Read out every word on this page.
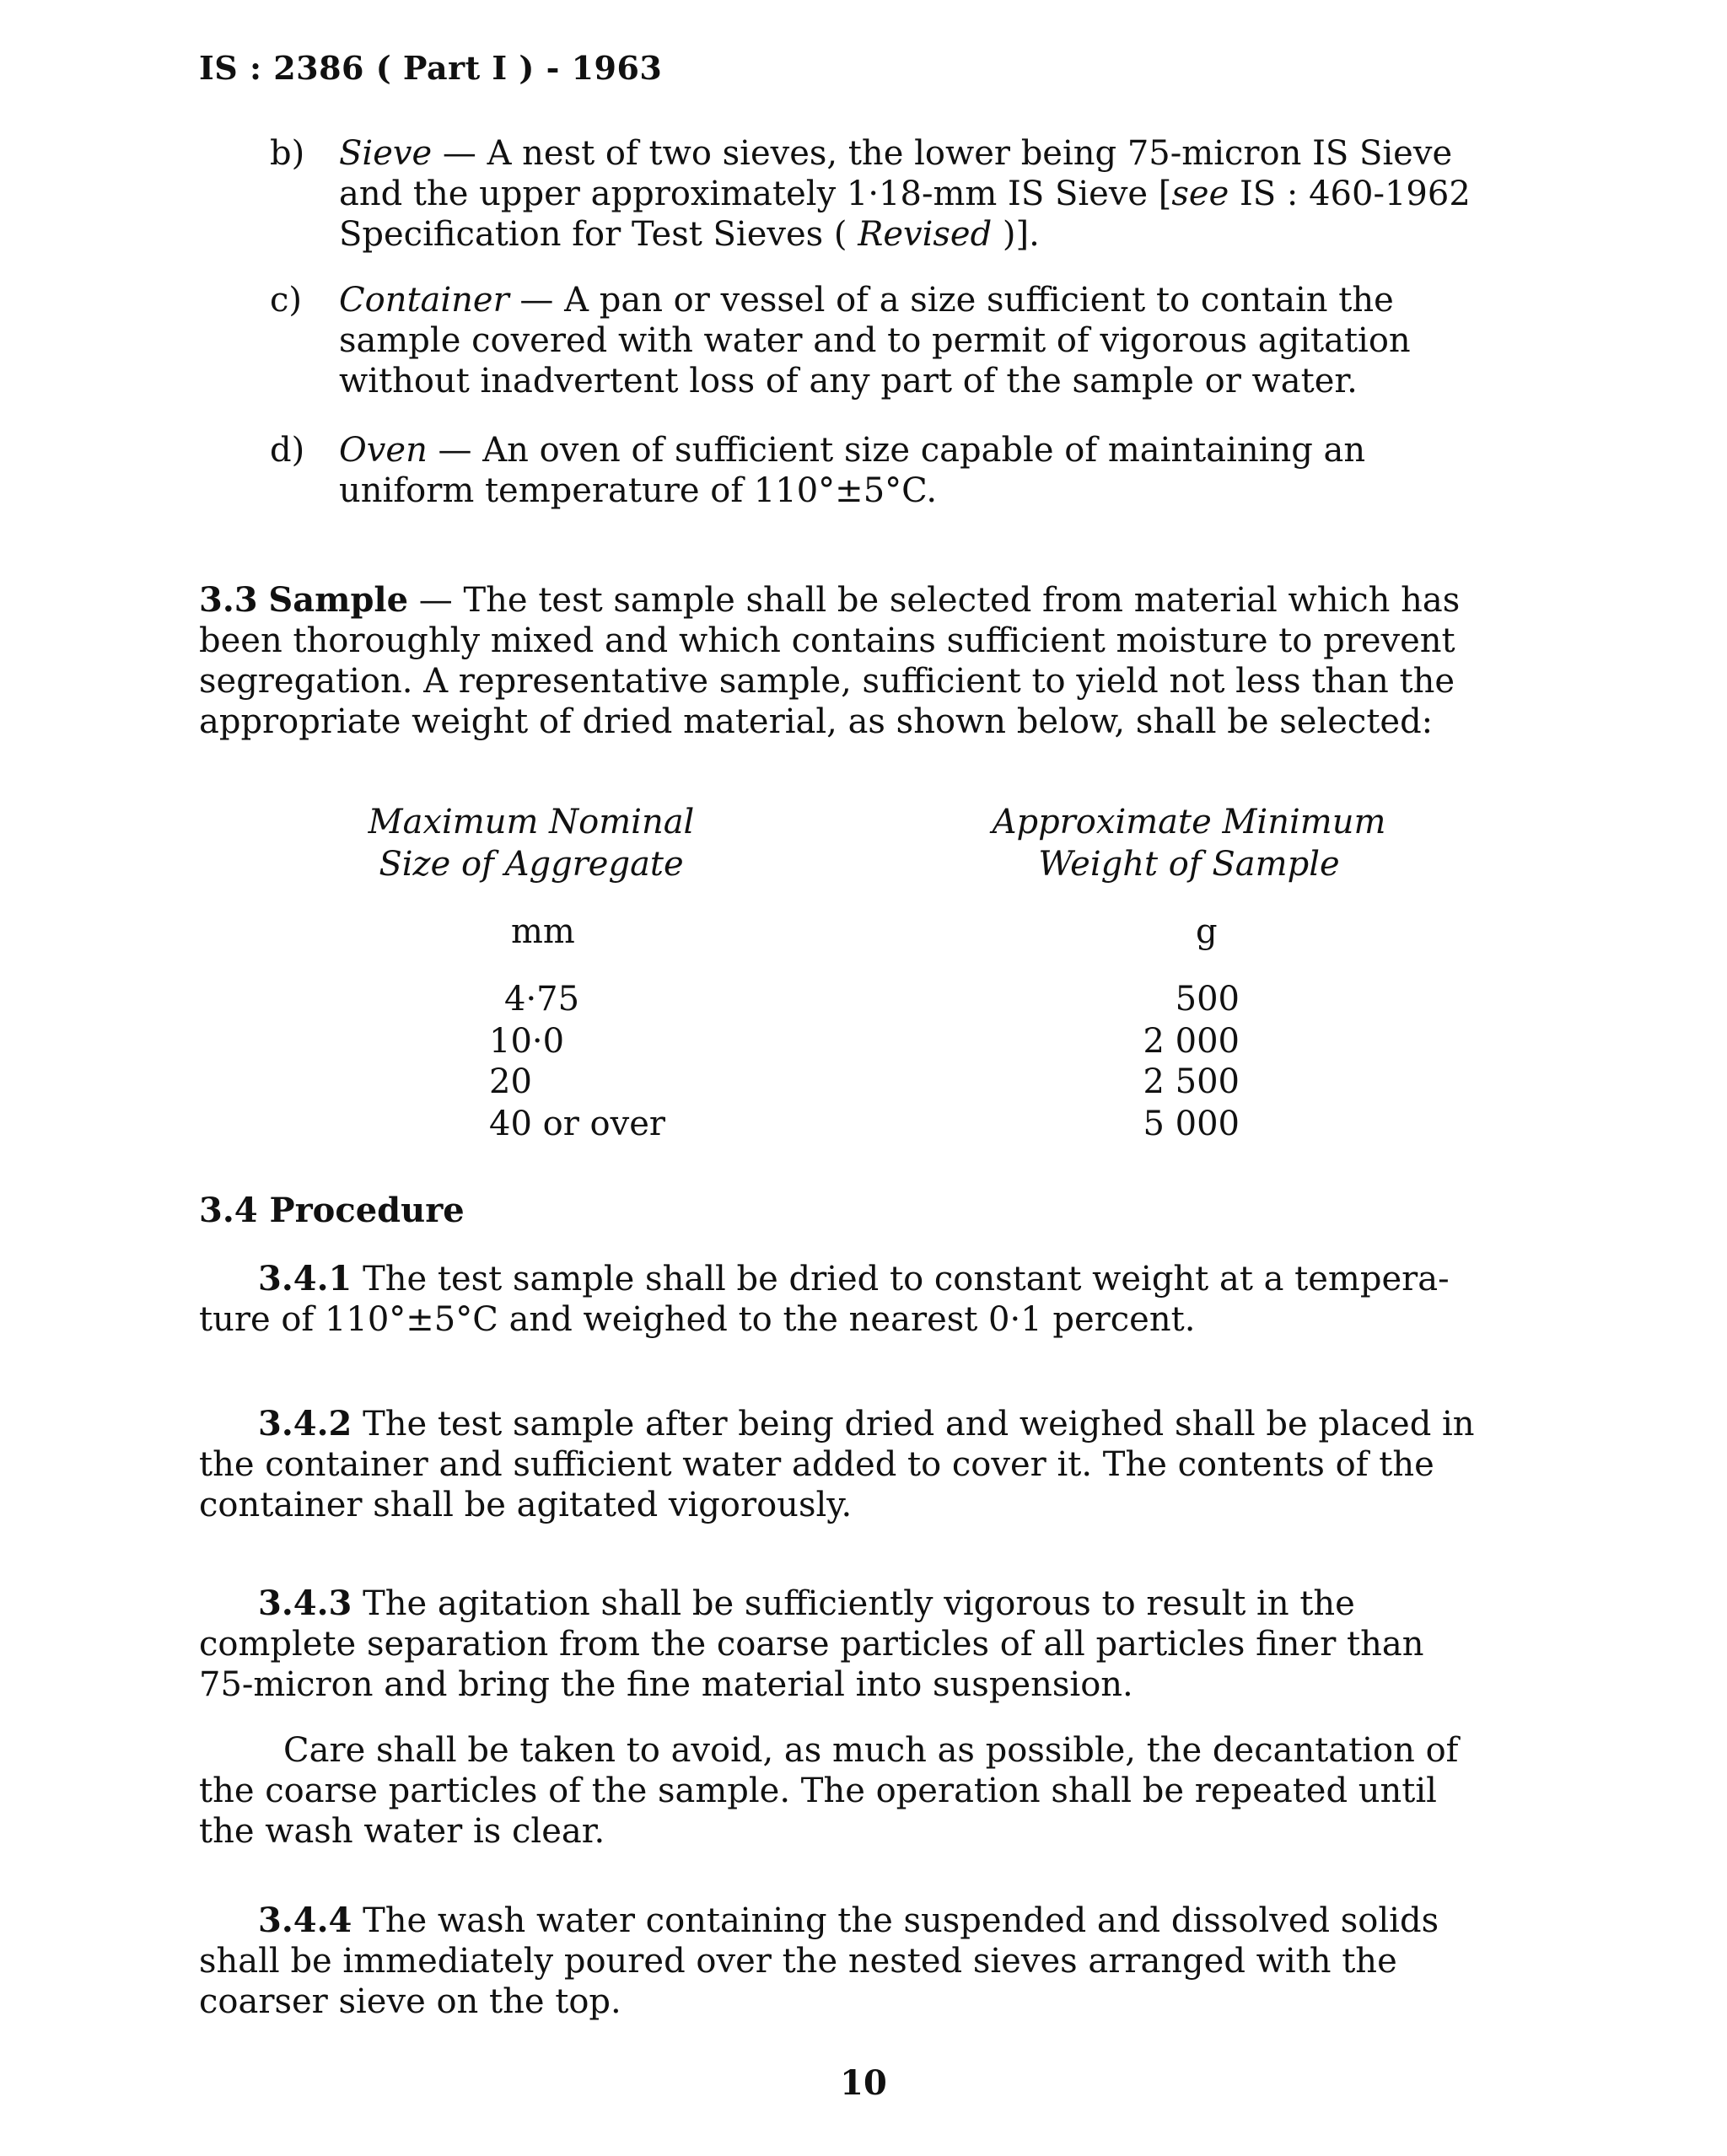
IS : 2386 ( Part I ) - 1963
b) Sieve — A nest of two sieves, the lower being 75-micron IS Sieve
and the upper approximately 1·18-mm IS Sieve [see IS : 460-1962
Specification for Test Sieves ( Revised )].
c) Container — A pan or vessel of a size sufficient to contain the
sample covered with water and to permit of vigorous agitation
without inadvertent loss of any part of the sample or water.
d) Oven — An oven of sufficient size capable of maintaining an
uniform temperature of 110°±5°C.
3.3 Sample — The test sample shall be selected from material which has
been thoroughly mixed and which contains sufficient moisture to prevent
segregation. A representative sample, sufficient to yield not less than the
appropriate weight of dried material, as shown below, shall be selected:
Maximum Nominal
Size of Aggregate
Approximate Minimum
Weight of Sample
mm	g
4·75	500
10·0	2 000
20	2 500
40 or over	5 000
3.4 Procedure
3.4.1 The test sample shall be dried to constant weight at a tempera-
ture of 110°±5°C and weighed to the nearest 0·1 percent.
3.4.2 The test sample after being dried and weighed shall be placed in
the container and sufficient water added to cover it. The contents of the
container shall be agitated vigorously.
3.4.3 The agitation shall be sufficiently vigorous to result in the
complete separation from the coarse particles of all particles finer than
75-micron and bring the fine material into suspension.
Care shall be taken to avoid, as much as possible, the decantation of
the coarse particles of the sample. The operation shall be repeated until
the wash water is clear.
3.4.4 The wash water containing the suspended and dissolved solids
shall be immediately poured over the nested sieves arranged with the
coarser sieve on the top.
10
